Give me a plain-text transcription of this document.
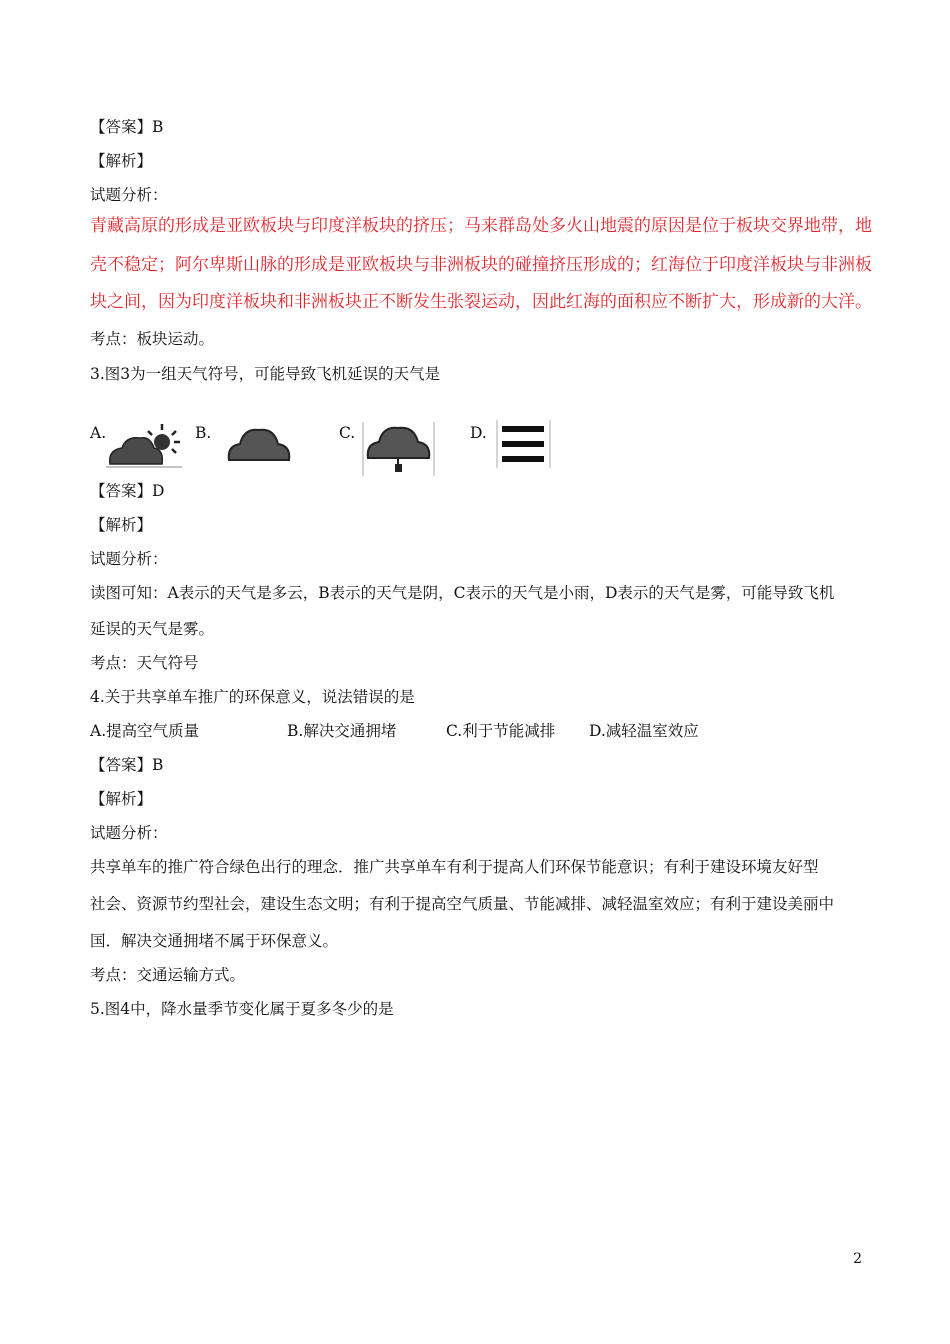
【答案】B
【解析】
试题分析：
青藏高原的形成是亚欧板块与印度洋板块的挤压；马来群岛处多火山地震的原因是位于板块交界地带，地
壳不稳定；阿尔卑斯山脉的形成是亚欧板块与非洲板块的碰撞挤压形成的；红海位于印度洋板块与非洲板
块之间，因为印度洋板块和非洲板块正不断发生张裂运动，因此红海的面积应不断扩大，形成新的大洋。
考点：板块运动。
3.图3为一组天气符号，可能导致飞机延误的天气是
A.	B.	C.	D.
【答案】D
【解析】
试题分析：
读图可知：A表示的天气是多云，B表示的天气是阴，C表示的天气是小雨，D表示的天气是雾，可能导致飞机
延误的天气是雾。
考点：天气符号
4.关于共享单车推广的环保意义，说法错误的是
A.提高空气质量	B.解决交通拥堵	C.利于节能减排 D.减轻温室效应
【答案】B
【解析】
试题分析：
共享单车的推广符合绿色出行的理念．推广共享单车有利于提高人们环保节能意识；有利于建设环境友好型
社会、资源节约型社会，建设生态文明；有利于提高空气质量、节能减排、减轻温室效应；有利于建设美丽中
国．解决交通拥堵不属于环保意义。
考点：交通运输方式。
5.图4中，降水量季节变化属于夏多冬少的是
2
